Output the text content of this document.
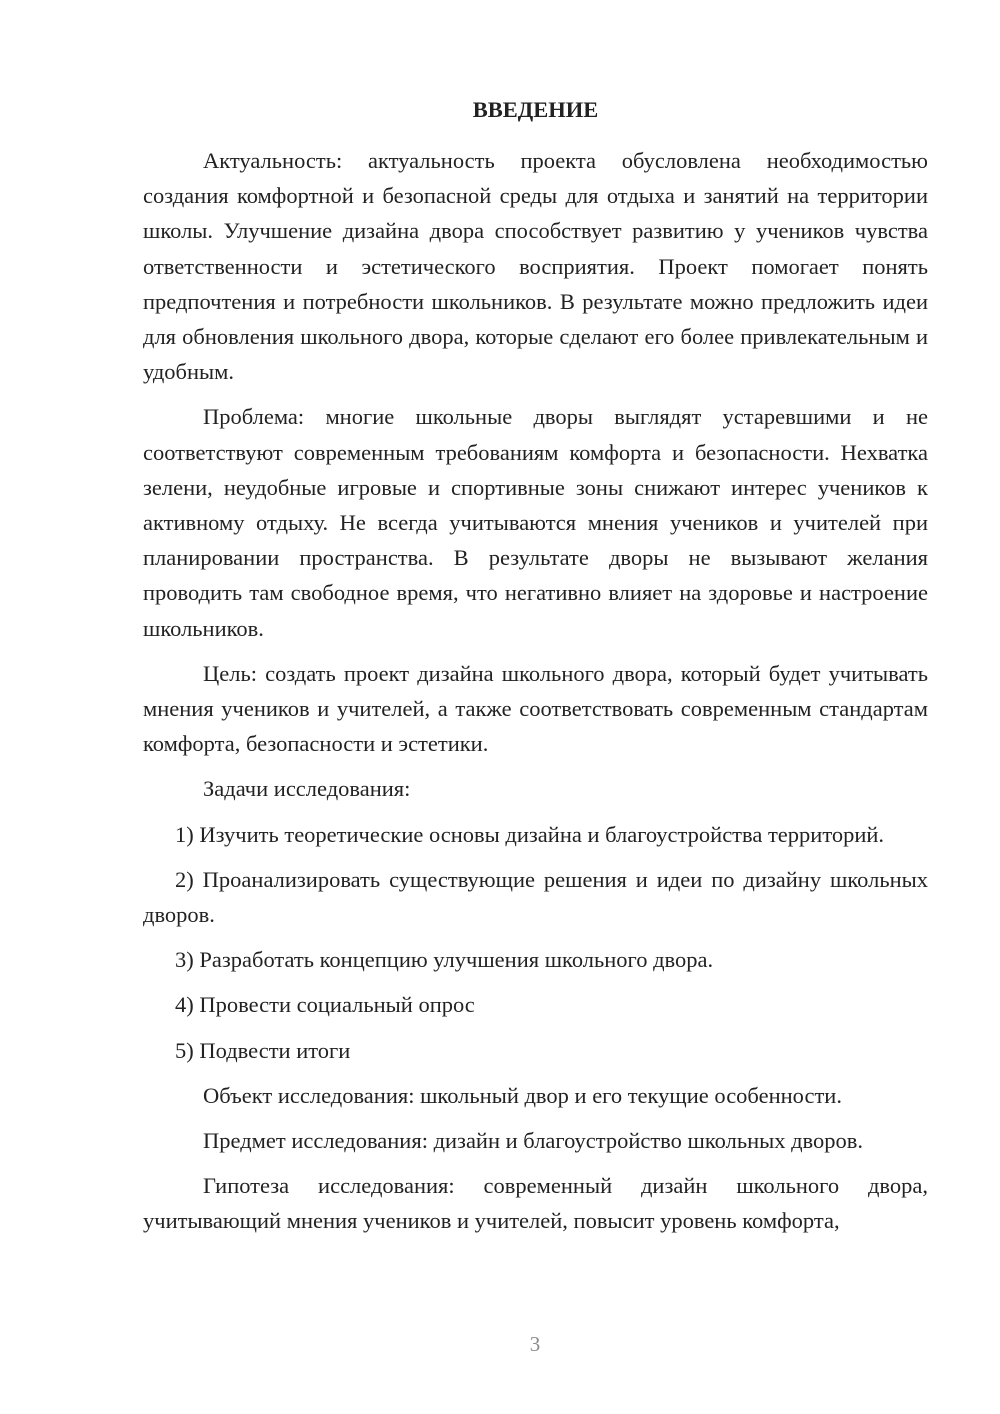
ВВЕДЕНИЕ

Актуальность: актуальность проекта обусловлена необходимостью создания комфортной и безопасной среды для отдыха и занятий на территории школы. Улучшение дизайна двора способствует развитию у учеников чувства ответственности и эстетического восприятия. Проект помогает понять предпочтения и потребности школьников. В результате можно предложить идеи для обновления школьного двора, которые сделают его более привлекательным и удобным.

Проблема: многие школьные дворы выглядят устаревшими и не соответствуют современным требованиям комфорта и безопасности. Нехватка зелени, неудобные игровые и спортивные зоны снижают интерес учеников к активному отдыху. Не всегда учитываются мнения учеников и учителей при планировании пространства. В результате дворы не вызывают желания проводить там свободное время, что негативно влияет на здоровье и настроение школьников.

Цель: создать проект дизайна школьного двора, который будет учитывать мнения учеников и учителей, а также соответствовать современным стандартам комфорта, безопасности и эстетики.

Задачи исследования:

1) Изучить теоретические основы дизайна и благоустройства территорий.

2) Проанализировать существующие решения и идеи по дизайну школьных дворов.

3) Разработать концепцию улучшения школьного двора.

4) Провести социальный опрос

5) Подвести итоги

Объект исследования: школьный двор и его текущие особенности.

Предмет исследования: дизайн и благоустройство школьных дворов.

Гипотеза исследования: современный дизайн школьного двора, учитывающий мнения учеников и учителей, повысит уровень комфорта,

3
